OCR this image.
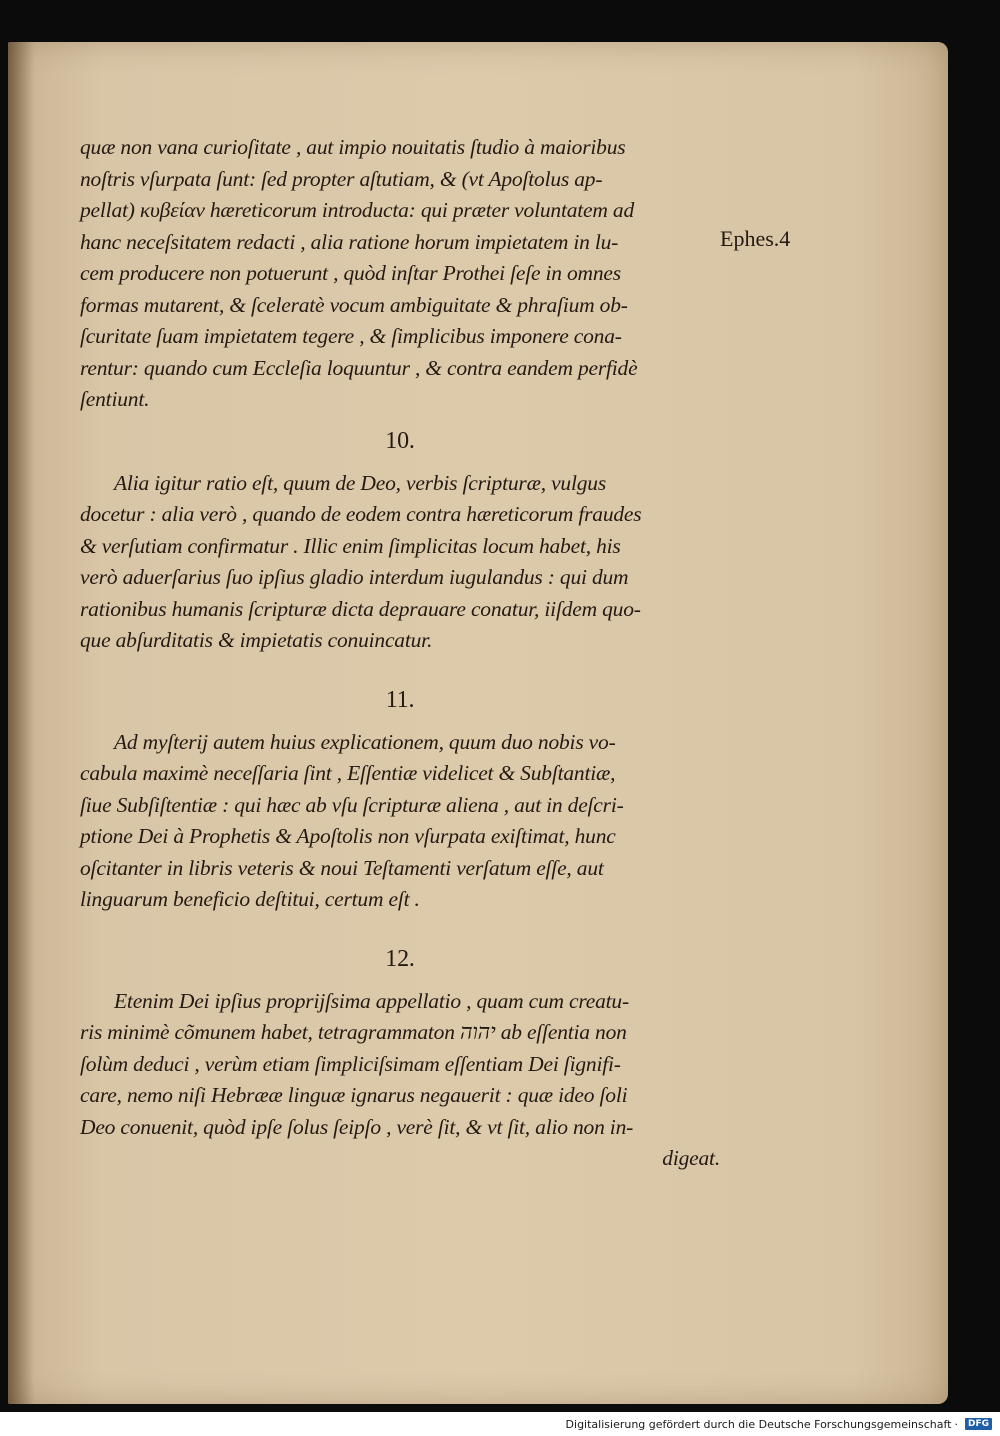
Ephes.4
quæ non vana curioſitate , aut impio nouitatis ſtudio à maioribus
noſtris vſurpata ſunt: ſed propter aſtutiam, & (vt Apoſtolus ap-
pellat) κυβείαν hæreticorum introducta: qui præter voluntatem ad
hanc neceſsitatem redacti , alia ratione horum impietatem in lu-
cem producere non potuerunt , quòd inſtar Prothei ſeſe in omnes
formas mutarent, & ſceleratè vocum ambiguitate & phraſium ob-
ſcuritate ſuam impietatem tegere , & ſimplicibus imponere cona-
rentur: quando cum Eccleſia loquuntur , & contra eandem perfidè
ſentiunt.
10.
Alia igitur ratio eſt, quum de Deo, verbis ſcripturæ, vulgus
docetur : alia verò , quando de eodem contra hæreticorum fraudes
& verſutiam confirmatur . Illic enim ſimplicitas locum habet, his
verò aduerſarius ſuo ipſius gladio interdum iugulandus : qui dum
rationibus humanis ſcripturæ dicta deprauare conatur, iiſdem quo-
que abſurditatis & impietatis conuincatur.
11.
Ad myſterij autem huius explicationem, quum duo nobis vo-
cabula maximè neceſſaria ſint , Eſſentiæ videlicet & Subſtantiæ,
ſiue Subſiſtentiæ : qui hæc ab vſu ſcripturæ aliena , aut in deſcri-
ptione Dei à Prophetis & Apoſtolis non vſurpata exiſtimat, hunc
oſcitanter in libris veteris & noui Teſtamenti verſatum eſſe, aut
linguarum beneficio deſtitui, certum eſt .
12.
Etenim Dei ipſius proprijſsima appellatio , quam cum creatu-
ris minimè cõmunem habet, tetragrammaton יהוה ab eſſentia non
ſolùm deduci , verùm etiam ſimpliciſsimam eſſentiam Dei ſignifi-
care, nemo niſi Hebrææ linguæ ignarus negauerit : quæ ideo ſoli
Deo conuenit, quòd ipſe ſolus ſeipſo , verè ſit, & vt ſit, alio non in-
digeat.
Digitalisierung gefördert durch die Deutsche Forschungsgemeinschaft ·	DFG
